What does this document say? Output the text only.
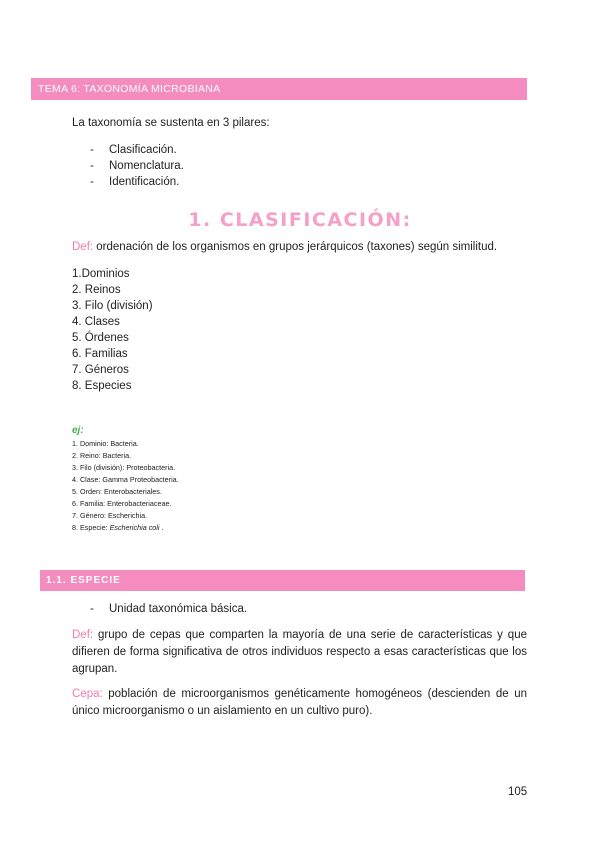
TEMA 6: TAXONOMÍA MICROBIANA
La taxonomía se sustenta en 3 pilares:
- Clasificación.
- Nomenclatura.
- Identificación.
1. CLASIFICACIÓN:
Def: ordenación de los organismos en grupos jerárquicos (taxones) según similitud.
1.Dominios
2. Reinos
3. Filo (división)
4. Clases
5. Órdenes
6. Familias
7. Géneros
8. Especies
ej:
1. Dominio: Bacteria.
2. Reino: Bacteria.
3. Filo (división): Proteobacteria.
4. Clase: Gamma Proteobacteria.
5. Orden: Enterobacteriales.
6. Familia: Enterobacteriaceae.
7. Género: Escherichia.
8. Especie: Escherichia coli .
1.1. ESPECIE
- Unidad taxonómica básica.

Def: grupo de cepas que comparten la mayoría de una serie de características y que difieren de forma significativa de otros individuos respecto a esas características que los agrupan.

Cepa: población de microorganismos genéticamente homogéneos (descienden de un único microorganismo o un aislamiento en un cultivo puro).

105
